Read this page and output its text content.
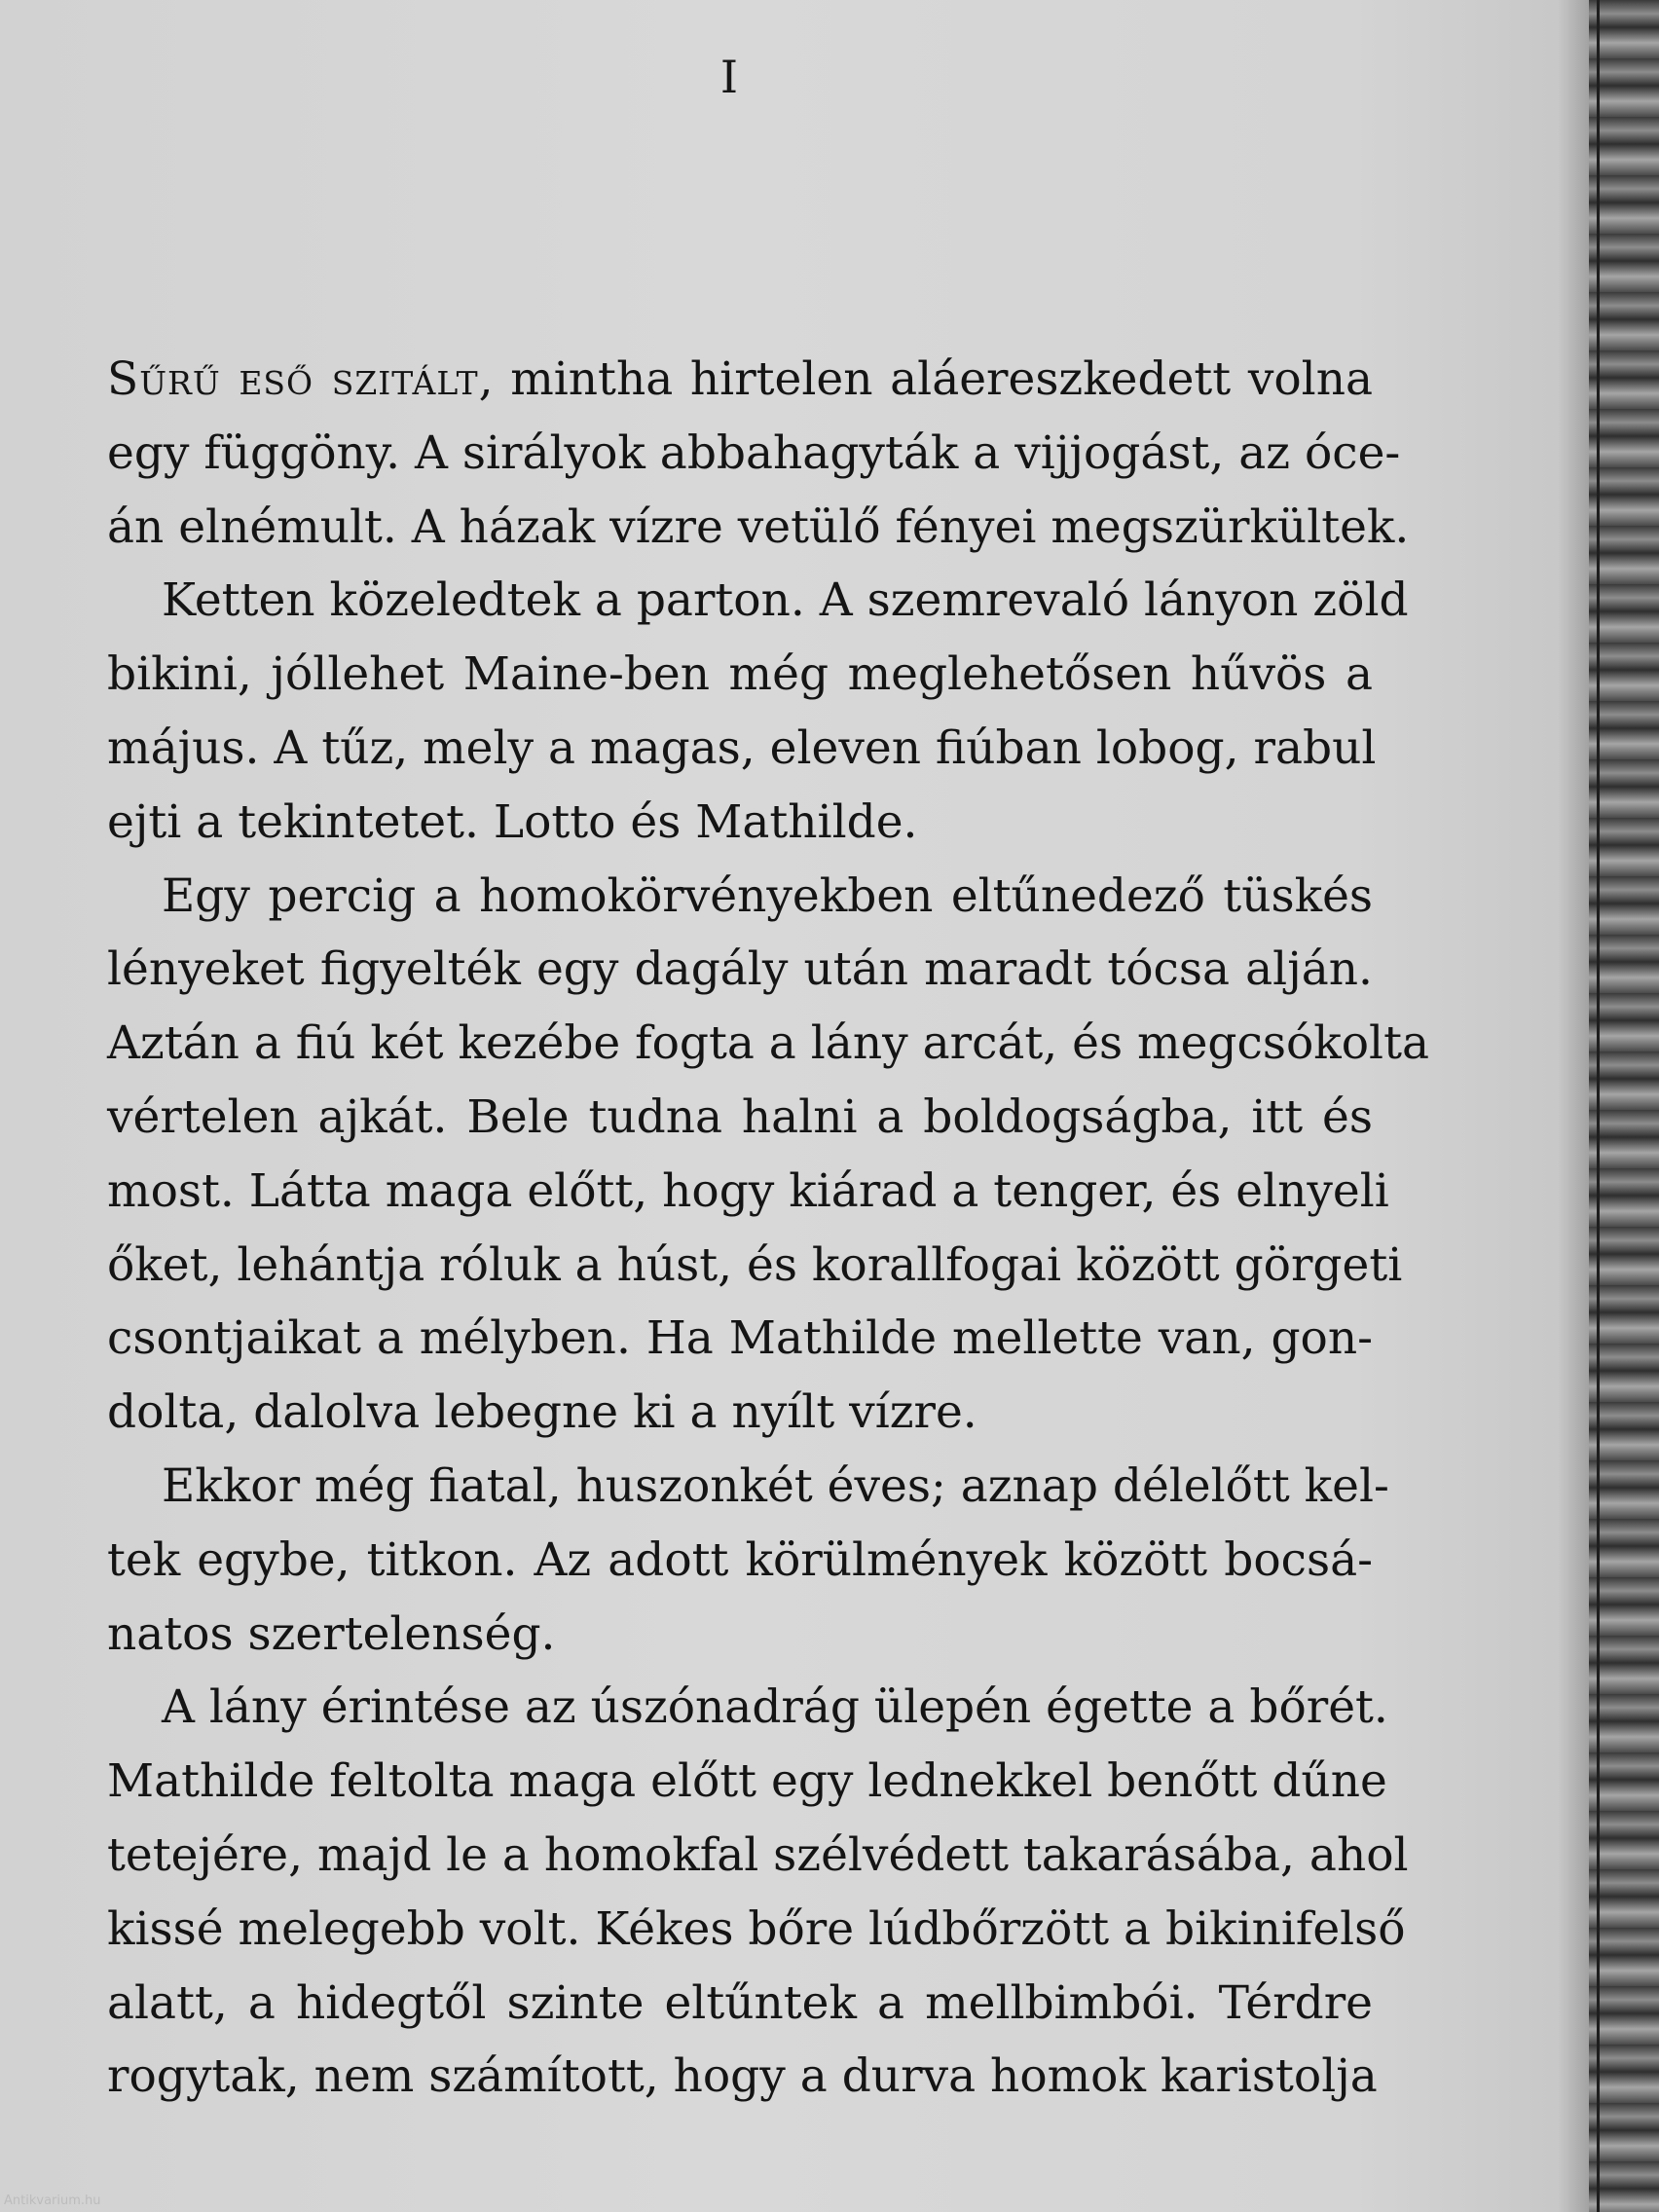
I
Sűrű eső szitált, mintha hirtelen aláereszkedett volna
egy függöny. A sirályok abbahagyták a vijjogást, az óce-
án elnémult. A házak vízre vetülő fényei megszürkültek.
Ketten közeledtek a parton. A szemrevaló lányon zöld
bikini, jóllehet Maine-ben még meglehetősen hűvös a
május. A tűz, mely a magas, eleven fiúban lobog, rabul
ejti a tekintetet. Lotto és Mathilde.
Egy percig a homokörvényekben eltűnedező tüskés
lényeket figyelték egy dagály után maradt tócsa alján.
Aztán a fiú két kezébe fogta a lány arcát, és megcsókolta
vértelen ajkát. Bele tudna halni a boldogságba, itt és
most. Látta maga előtt, hogy kiárad a tenger, és elnyeli
őket, lehántja róluk a húst, és korallfogai között görgeti
csontjaikat a mélyben. Ha Mathilde mellette van, gon-
dolta, dalolva lebegne ki a nyílt vízre.
Ekkor még fiatal, huszonkét éves; aznap délelőtt kel-
tek egybe, titkon. Az adott körülmények között bocsá-
natos szertelenség.
A lány érintése az úszónadrág ülepén égette a bőrét.
Mathilde feltolta maga előtt egy lednekkel benőtt dűne
tetejére, majd le a homokfal szélvédett takarásába, ahol
kissé melegebb volt. Kékes bőre lúdbőrzött a bikinifelső
alatt, a hidegtől szinte eltűntek a mellbimbói. Térdre
rogytak, nem számított, hogy a durva homok karistolja
Antikvarium.hu
